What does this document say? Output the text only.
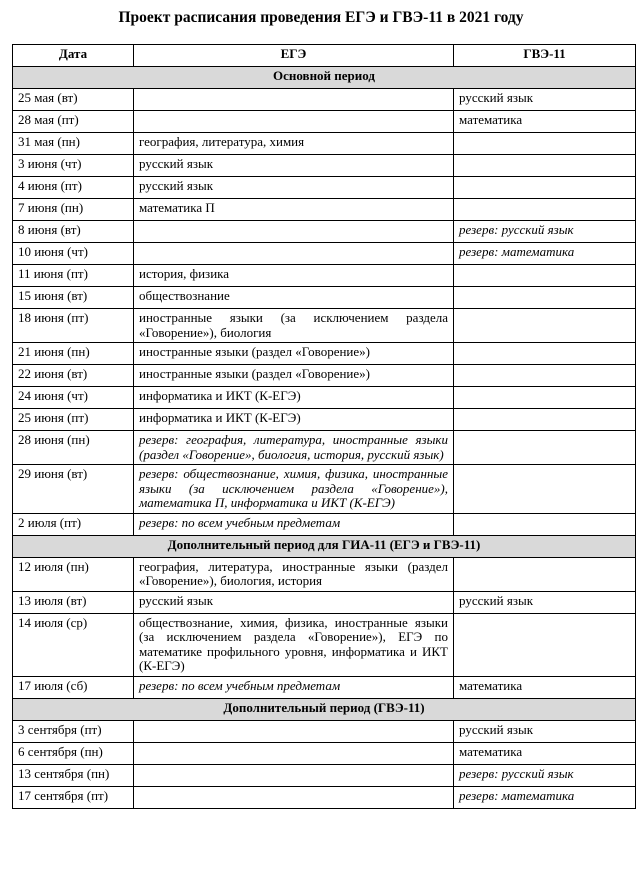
Проект расписания проведения ЕГЭ и ГВЭ-11 в 2021 году
Дата	ЕГЭ	ГВЭ-11
Основной период		
25 мая (вт)		русский язык
28 мая (пт)		математика
31 мая (пн)	география, литература, химия	
3 июня (чт)	русский язык	
4 июня (пт)	русский язык	
7 июня (пн)	математика П	
8 июня (вт)		резерв: русский язык
10 июня (чт)		резерв: математика
11 июня (пт)	история, физика	
15 июня (вт)	обществознание	
18 июня (пт)	иностранные языки (за исключением раздела «Говорение»), биология	
21 июня (пн)	иностранные языки (раздел «Говорение»)	
22 июня (вт)	иностранные языки (раздел «Говорение»)	
24 июня (чт)	информатика и ИКТ (К-ЕГЭ)	
25 июня (пт)	информатика и ИКТ (К-ЕГЭ)	
28 июня (пн)	резерв: география, литература, иностранные языки (раздел «Говорение», биология, история, русский язык)	
29 июня (вт)	резерв: обществознание, химия, физика, иностранные языки (за исключением раздела «Говорение»), математика П, информатика и ИКТ (К-ЕГЭ)	
2 июля (пт)	резерв: по всем учебным предметам	
Дополнительный период для ГИА-11 (ЕГЭ и ГВЭ-11)		
12 июля (пн)	география, литература, иностранные языки (раздел «Говорение»), биология, история	
13 июля (вт)	русский язык	русский язык
14 июля (ср)	обществознание, химия, физика, иностранные языки (за исключением раздела «Говорение»), ЕГЭ по математике профильного уровня, информатика и ИКТ (К-ЕГЭ)	
17 июля (сб)	резерв: по всем учебным предметам	математика
Дополнительный период (ГВЭ-11)		
3 сентября (пт)		русский язык
6 сентября (пн)		математика
13 сентября (пн)		резерв: русский язык
17 сентября (пт)		резерв: математика
